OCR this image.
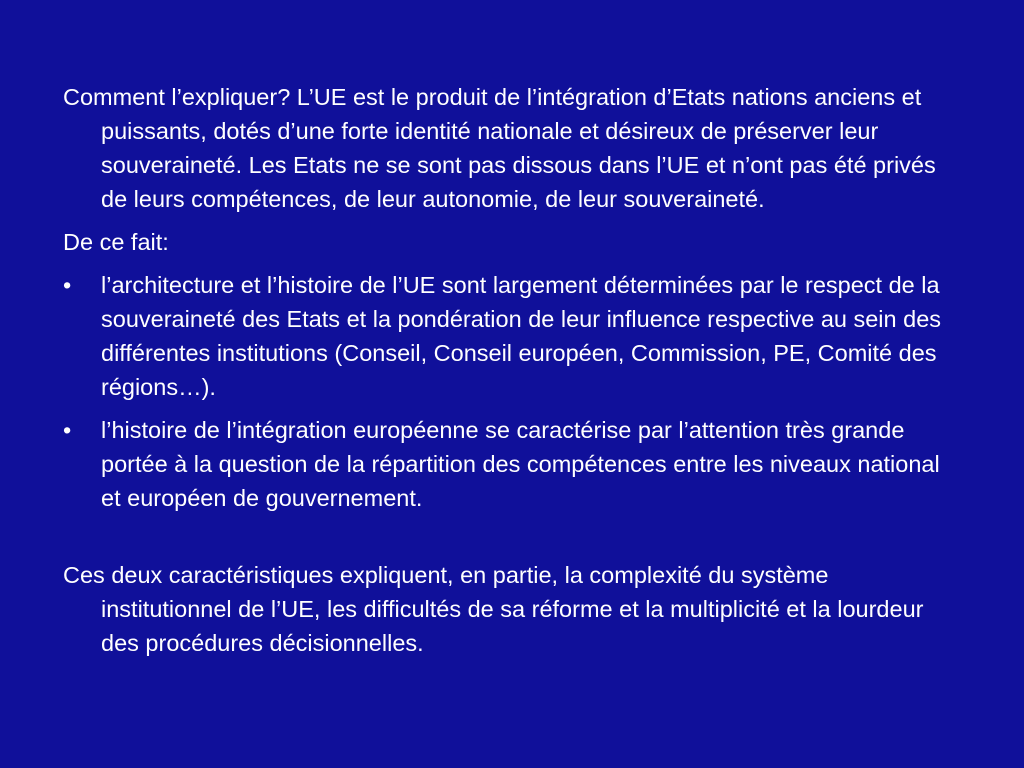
Comment l’expliquer? L’UE est le produit de l’intégration d’Etats nations anciens et puissants, dotés d’une forte identité nationale et désireux de préserver leur souveraineté. Les Etats ne se sont pas dissous dans l’UE et n’ont pas été privés de leurs compétences, de leur autonomie, de leur souveraineté.

De ce fait:

•	l’architecture et l’histoire de l’UE sont largement déterminées par le respect de la souveraineté des Etats et la pondération de leur influence respective au sein des différentes institutions (Conseil, Conseil européen, Commission, PE, Comité des régions…).
•	l’histoire de l’intégration européenne se caractérise par l’attention très grande portée à la question de la répartition des compétences entre les niveaux national et européen de gouvernement.

Ces deux caractéristiques expliquent, en partie, la complexité du système institutionnel de l’UE, les difficultés de sa réforme et la multiplicité et la lourdeur des procédures décisionnelles.
